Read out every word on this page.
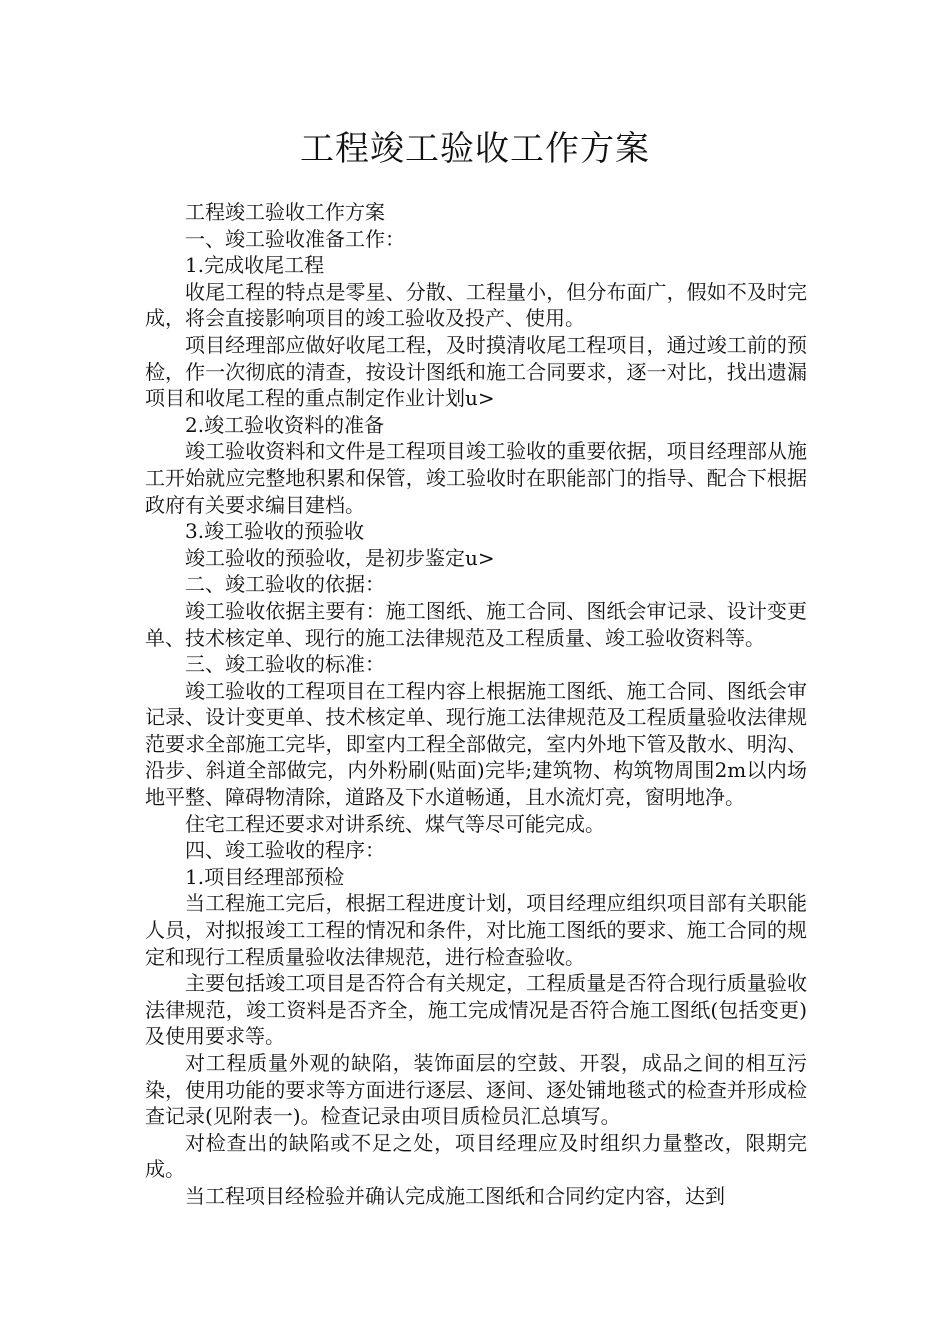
工程竣工验收工作方案

工程竣工验收工作方案

一、竣工验收准备工作：

1.完成收尾工程

收尾工程的特点是零星、分散、工程量小，但分布面广，假如不及时完成，将会直接影响项目的竣工验收及投产、使用。

项目经理部应做好收尾工程，及时摸清收尾工程项目，通过竣工前的预检，作一次彻底的清查，按设计图纸和施工合同要求，逐一对比，找出遗漏项目和收尾工程的重点制定作业计划u>

2.竣工验收资料的准备

竣工验收资料和文件是工程项目竣工验收的重要依据，项目经理部从施工开始就应完整地积累和保管，竣工验收时在职能部门的指导、配合下根据政府有关要求编目建档。

3.竣工验收的预验收

竣工验收的预验收，是初步鉴定u>

二、竣工验收的依据：

竣工验收依据主要有：施工图纸、施工合同、图纸会审记录、设计变更单、技术核定单、现行的施工法律规范及工程质量、竣工验收资料等。

三、竣工验收的标准：

竣工验收的工程项目在工程内容上根据施工图纸、施工合同、图纸会审记录、设计变更单、技术核定单、现行施工法律规范及工程质量验收法律规范要求全部施工完毕，即室内工程全部做完，室内外地下管及散水、明沟、沿步、斜道全部做完，内外粉刷(贴面)完毕;建筑物、构筑物周围2m以内场地平整、障碍物清除，道路及下水道畅通，且水流灯亮，窗明地净。

住宅工程还要求对讲系统、煤气等尽可能完成。

四、竣工验收的程序：

1.项目经理部预检

当工程施工完后，根据工程进度计划，项目经理应组织项目部有关职能人员，对拟报竣工工程的情况和条件，对比施工图纸的要求、施工合同的规定和现行工程质量验收法律规范，进行检查验收。

主要包括竣工项目是否符合有关规定，工程质量是否符合现行质量验收法律规范，竣工资料是否齐全，施工完成情况是否符合施工图纸(包括变更)及使用要求等。

对工程质量外观的缺陷，装饰面层的空鼓、开裂，成品之间的相互污染，使用功能的要求等方面进行逐层、逐间、逐处铺地毯式的检查并形成检查记录(见附表一)。检查记录由项目质检员汇总填写。

对检查出的缺陷或不足之处，项目经理应及时组织力量整改，限期完成。

当工程项目经检验并确认完成施工图纸和合同约定内容，达到
